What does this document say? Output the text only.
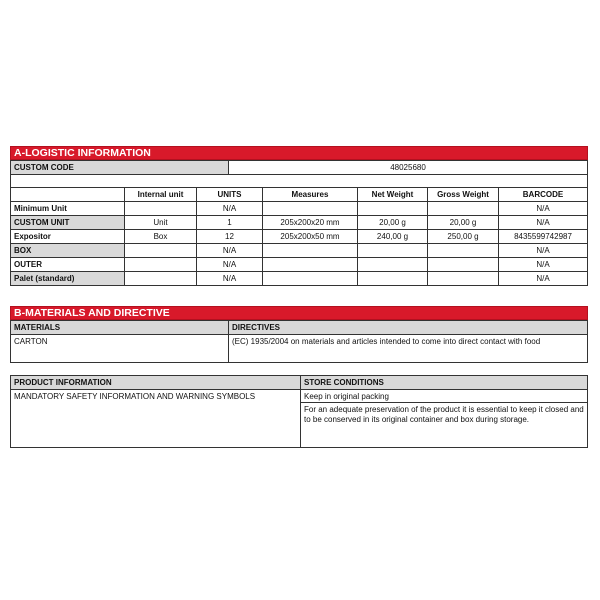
A-LOGISTIC INFORMATION
CUSTOM CODE	48025680
	Internal unit	UNITS	Measures	Net Weight	Gross Weight	BARCODE
Minimum Unit		N/A				N/A
CUSTOM UNIT	Unit	1	205x200x20 mm	20,00 g	20,00 g	N/A
Expositor	Box	12	205x200x50 mm	240,00 g	250,00 g	8435599742987
BOX		N/A				N/A
OUTER		N/A				N/A
Palet (standard)		N/A				N/A
B-MATERIALS AND DIRECTIVE
MATERIALS	DIRECTIVES
CARTON	(EC) 1935/2004 on materials and articles intended to come into direct contact with food
PRODUCT INFORMATION	STORE CONDITIONS
MANDATORY SAFETY INFORMATION AND WARNING SYMBOLS	Keep in original packing
	For an adequate preservation of the product it is essential to keep it closed and to be conserved in its original container and box during storage.
